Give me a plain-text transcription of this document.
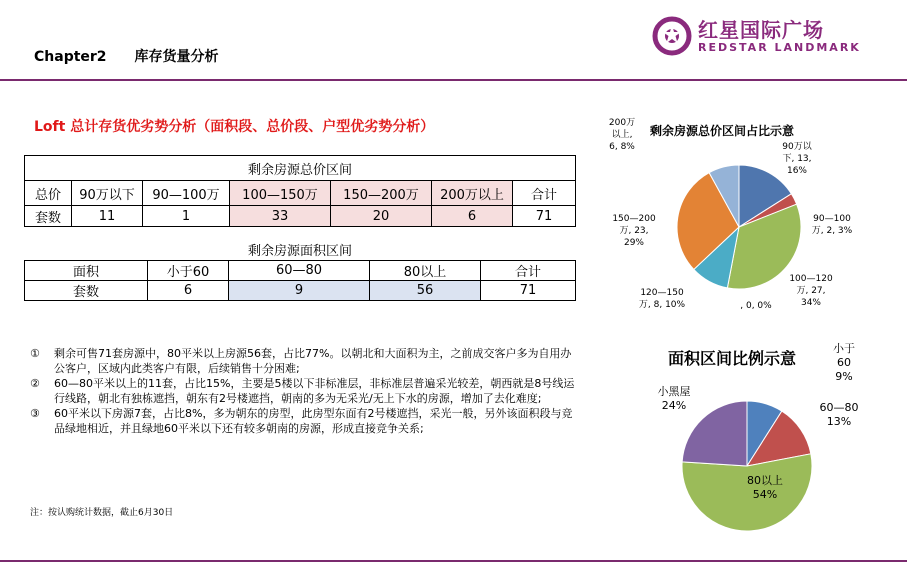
Chapter2　　库存货量分析
红星国际广场
REDSTAR LANDMARK
Loft 总计存货优劣势分析（面积段、总价段、户型优劣势分析）
剩余房源总价区间						
总价	90万以下	90—100万	100—150万	150—200万	200万以上	合计
套数	11	1	33	20	6	71
剩余房源面积区间
面积	小于60	60—80	80以上	合计
套数	6	9	56	71
① 剩余可售71套房源中，80平米以上房源56套，占比77%。以朝北和大面积为主，之前成交客户多为自用办公客户，区域内此类客户有限，后续销售十分困难;
② 60—80平米以上的11套，占比15%，主要是5楼以下非标准层，非标准层普遍采光较差，朝西就是8号线运行线路，朝北有独栋遮挡，朝东有2号楼遮挡，朝南的多为无采光/无上下水的房源，增加了去化难度;
③ 60平米以下房源7套，占比8%，多为朝东的房型，此房型东面有2号楼遮挡，采光一般，另外该面积段与竞品绿地相近，并且绿地60平米以下还有较多朝南的房源，形成直接竞争关系;
注：按认购统计数据，截止6月30日
剩余房源总价区间占比示意
200万
以上,
6, 8%	90万以
下, 13,
16%
90—100
万, 2, 3%
100—120
万, 27,
34%
, 0, 0%
120—150
万, 8, 10%
150—200
万, 23,
29%
面积区间比例示意
小于
60
9%
60—80
13%
80以上
54%
小黑屋
24%
